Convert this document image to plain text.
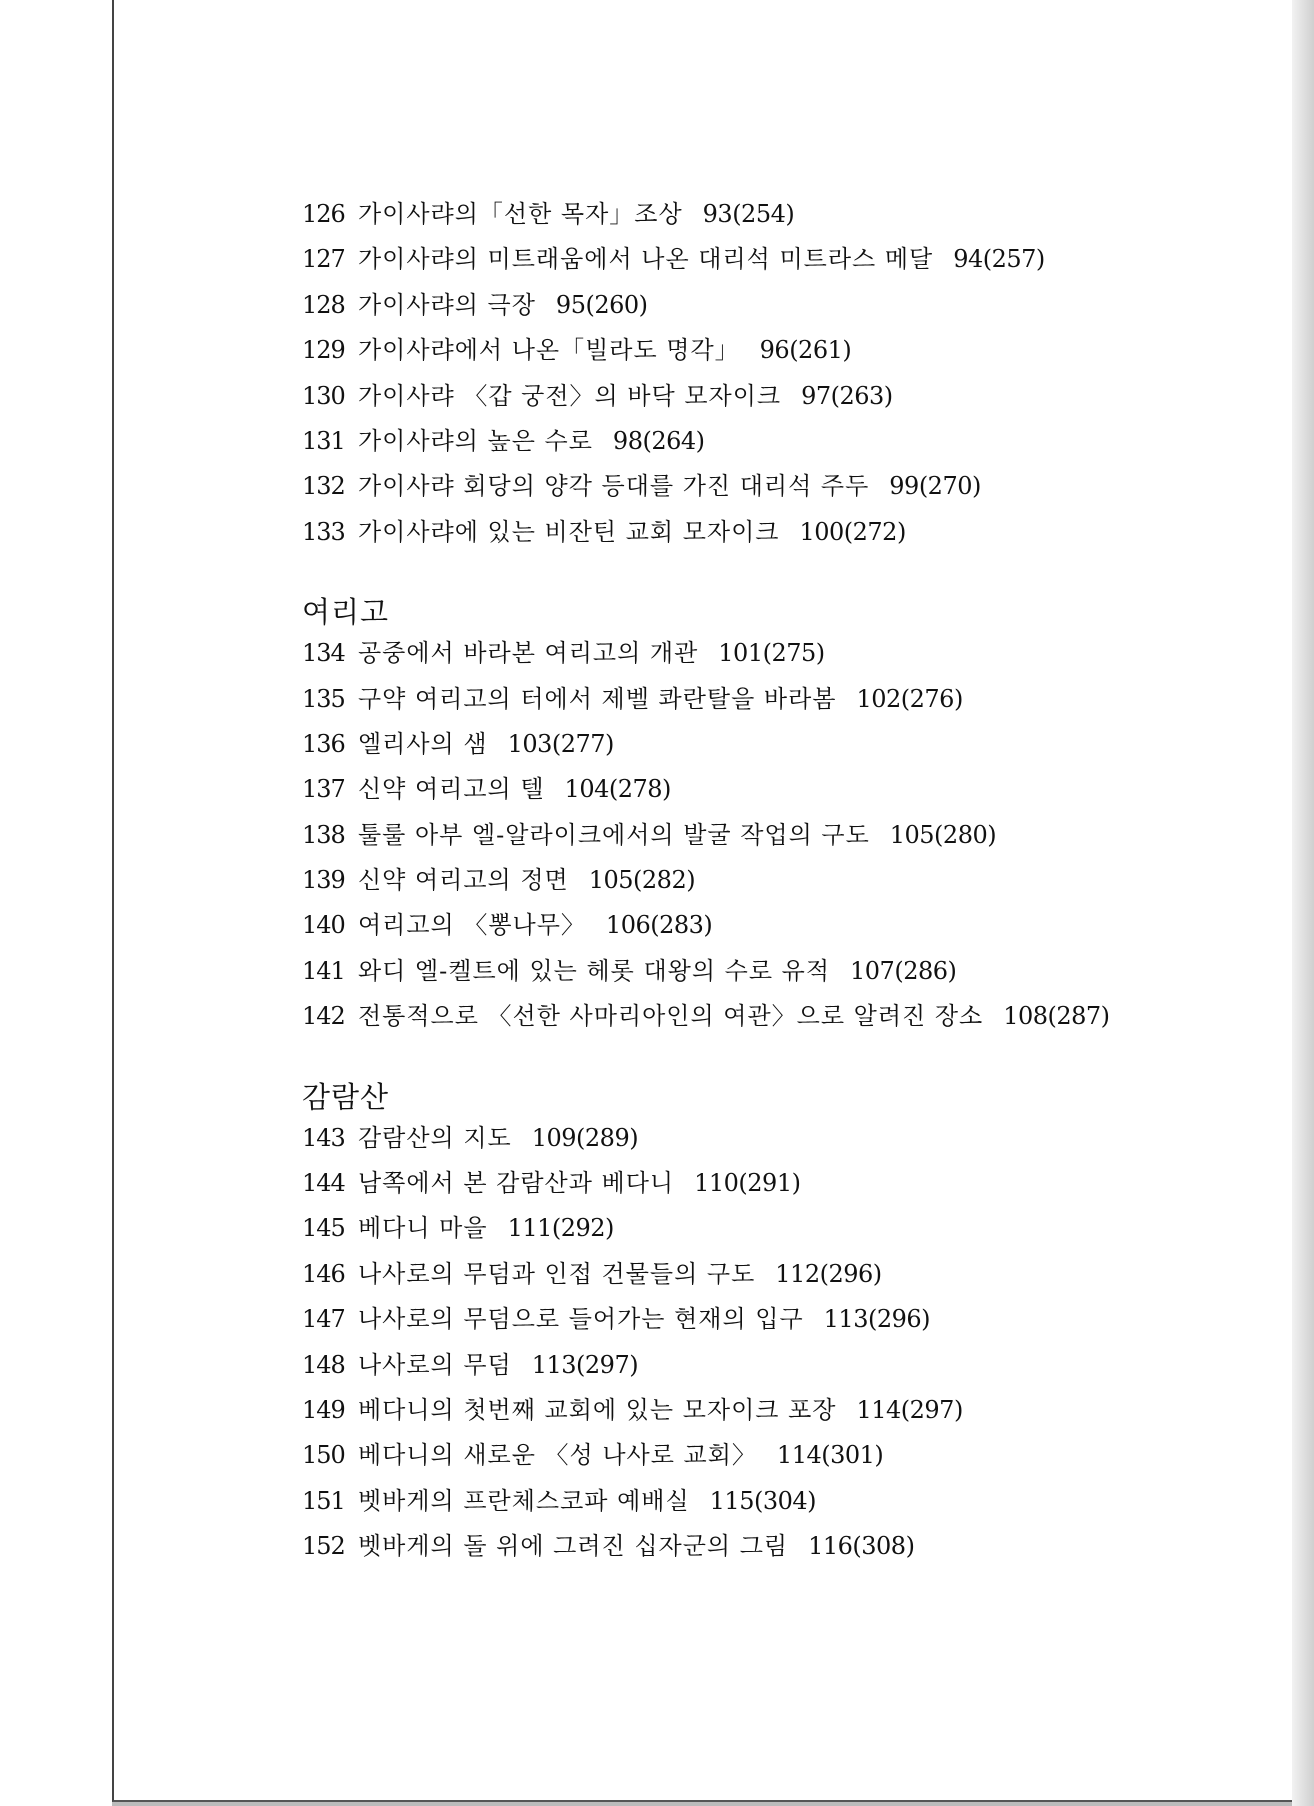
126 가이사랴의「선한 목자」조상 93(254)
127 가이사랴의 미트래움에서 나온 대리석 미트라스 메달 94(257)
128 가이사랴의 극장 95(260)
129 가이사랴에서 나온「빌라도 명각」 96(261)
130 가이사랴 〈갑 궁전〉의 바닥 모자이크 97(263)
131 가이사랴의 높은 수로 98(264)
132 가이사랴 회당의 양각 등대를 가진 대리석 주두 99(270)
133 가이사랴에 있는 비잔틴 교회 모자이크 100(272)
여리고
134 공중에서 바라본 여리고의 개관 101(275)
135 구약 여리고의 터에서 제벨 콰란탈을 바라봄 102(276)
136 엘리사의 샘 103(277)
137 신약 여리고의 텔 104(278)
138 툴룰 아부 엘-알라이크에서의 발굴 작업의 구도 105(280)
139 신약 여리고의 정면 105(282)
140 여리고의 〈뽕나무〉 106(283)
141 와디 엘-켈트에 있는 헤롯 대왕의 수로 유적 107(286)
142 전통적으로 〈선한 사마리아인의 여관〉으로 알려진 장소 108(287)
감람산
143 감람산의 지도 109(289)
144 남쪽에서 본 감람산과 베다니 110(291)
145 베다니 마을 111(292)
146 나사로의 무덤과 인접 건물들의 구도 112(296)
147 나사로의 무덤으로 들어가는 현재의 입구 113(296)
148 나사로의 무덤 113(297)
149 베다니의 첫번째 교회에 있는 모자이크 포장 114(297)
150 베다니의 새로운 〈성 나사로 교회〉 114(301)
151 벳바게의 프란체스코파 예배실 115(304)
152 벳바게의 돌 위에 그려진 십자군의 그림 116(308)
